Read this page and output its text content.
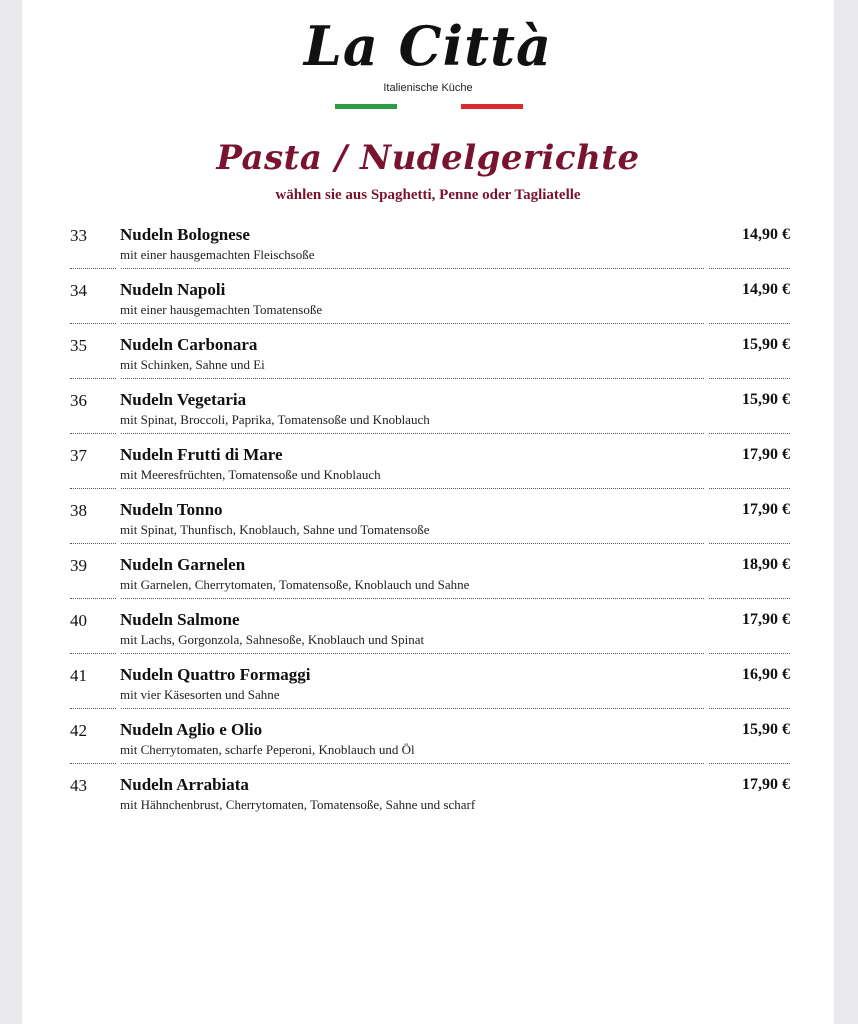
La Città
Italienische Küche
Pasta / Nudelgerichte
wählen sie aus Spaghetti, Penne oder Tagliatelle
33 Nudeln Bolognese
mit einer hausgemachten Fleischsoße
14,90 €
34 Nudeln Napoli
mit einer hausgemachten Tomatensoße
14,90 €
35 Nudeln Carbonara
mit Schinken, Sahne und Ei
15,90 €
36 Nudeln Vegetaria
mit Spinat, Broccoli, Paprika, Tomatensoße und Knoblauch
15,90 €
37 Nudeln Frutti di Mare
mit Meeresfrüchten, Tomatensoße und Knoblauch
17,90 €
38 Nudeln Tonno
mit Spinat, Thunfisch, Knoblauch, Sahne und Tomatensoße
17,90 €
39 Nudeln Garnelen
mit Garnelen, Cherrytomaten, Tomatensoße, Knoblauch und Sahne
18,90 €
40 Nudeln Salmone
mit Lachs, Gorgonzola, Sahnesoße, Knoblauch und Spinat
17,90 €
41 Nudeln Quattro Formaggi
mit vier Käsesorten und Sahne
16,90 €
42 Nudeln Aglio e Olio
mit Cherrytomaten, scharfe Peperoni, Knoblauch und Öl
15,90 €
43 Nudeln Arrabiata
mit Hähnchenbrust, Cherrytomaten, Tomatensoße, Sahne und scharf
17,90 €
